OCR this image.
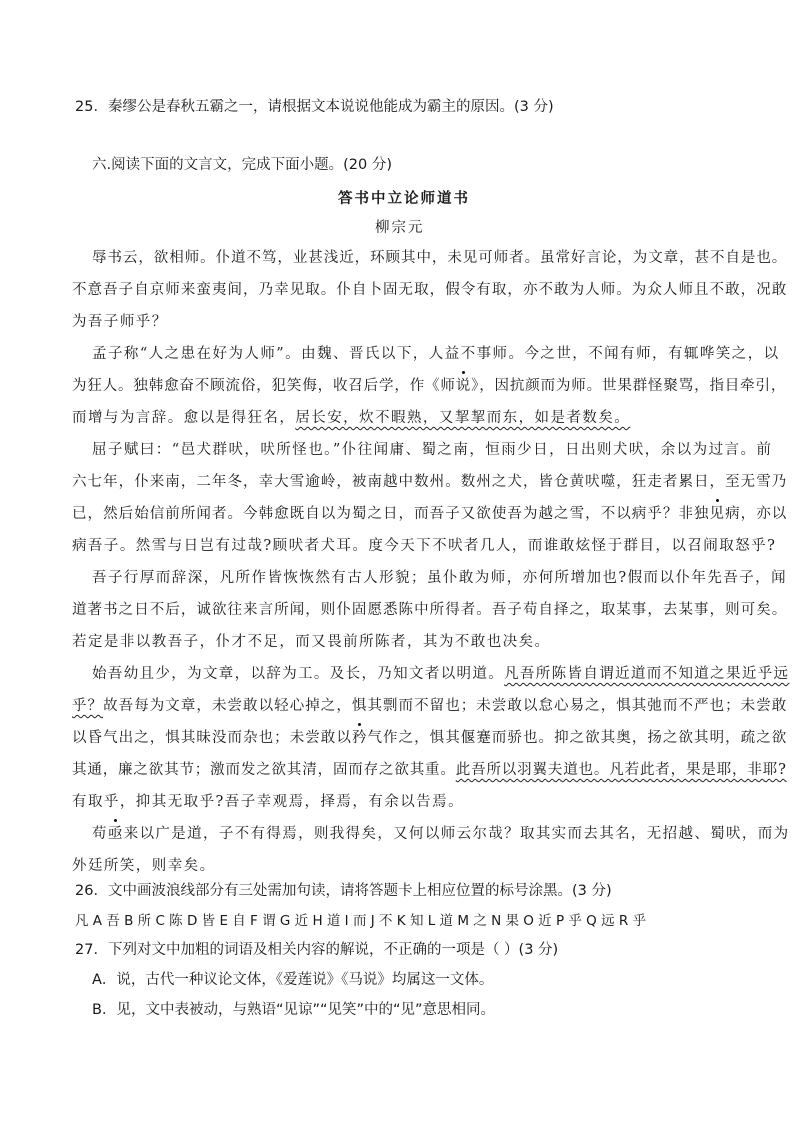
25．秦缪公是春秋五霸之一，请根据文本说说他能成为霸主的原因。(3 分)
六.阅读下面的文言文，完成下面小题。(20 分)
答书中立论师道书
柳宗元
辱书云，欲相师。仆道不笃，业甚浅近，环顾其中，未见可师者。虽常好言论，为文章，甚不自是也。
不意吾子自京师来蛮夷间，乃幸见取。仆自卜固无取，假令有取，亦不敢为人师。为众人师且不敢，况敢
为吾子师乎？
孟子称“人之患在好为人师”。由魏、晋氏以下，人益不事师。今之世，不闻有师，有辄哗笑之，以
为狂人。独韩愈奋不顾流俗，犯笑侮，收召后学，作《师说》，因抗颜而为师。世果群怪聚骂，指目牵引，
而增与为言辞。愈以是得狂名，居长安，炊不暇熟，又挈挈而东，如是者数矣。
屈子赋曰：“邑犬群吠，吠所怪也。”仆往闻庸、蜀之南，恒雨少日，日出则犬吠，余以为过言。前
六七年，仆来南，二年冬，幸大雪逾岭，被南越中数州。数州之犬，皆仓黄吠噬，狂走者累日，至无雪乃
已，然后始信前所闻者。今韩愈既自以为蜀之日，而吾子又欲使吾为越之雪，不以病乎？非独见病，亦以
病吾子。然雪与日岂有过哉?顾吠者犬耳。度今天下不吠者几人，而谁敢炫怪于群目，以召闹取怒乎?
吾子行厚而辞深，凡所作皆恢恢然有古人形貌；虽仆敢为师，亦何所增加也?假而以仆年先吾子，闻
道著书之日不后，诚欲往来言所闻，则仆固愿悉陈中所得者。吾子苟自择之，取某事，去某事，则可矣。
若定是非以教吾子，仆才不足，而又畏前所陈者，其为不敢也决矣。
始吾幼且少，为文章，以辞为工。及长，乃知文者以明道。凡吾所陈皆自谓近道而不知道之果近乎远
乎？故吾每为文章，未尝敢以轻心掉之，惧其剽而不留也；未尝敢以怠心易之，惧其弛而不严也；未尝敢
以昏气出之，惧其昧没而杂也；未尝敢以矜气作之，惧其偃蹇而骄也。抑之欲其奥，扬之欲其明，疏之欲
其通，廉之欲其节；激而发之欲其清，固而存之欲其重。此吾所以羽翼夫道也。凡若此者，果是耶，非耶?
有取乎，抑其无取乎?吾子幸观焉，择焉，有余以告焉。
苟亟来以广是道，子不有得焉，则我得矣，又何以师云尔哉？取其实而去其名，无招越、蜀吠，而为
外廷所笑，则幸矣。
26．文中画波浪线部分有三处需加句读，请将答题卡上相应位置的标号涂黑。(3 分)
凡 A 吾 B 所 C 陈 D 皆 E 自 F 谓 G 近 H 道 I 而 J 不 K 知 L 道 M 之 N 果 O 近 P 乎 Q 远 R 乎
27．下列对文中加粗的词语及相关内容的解说，不正确的一项是（ ）(3 分)
A．说，古代一种议论文体，《爱莲说》《马说》均属这一文体。
B．见，文中表被动，与熟语“见谅”“见笑”中的“见”意思相同。
